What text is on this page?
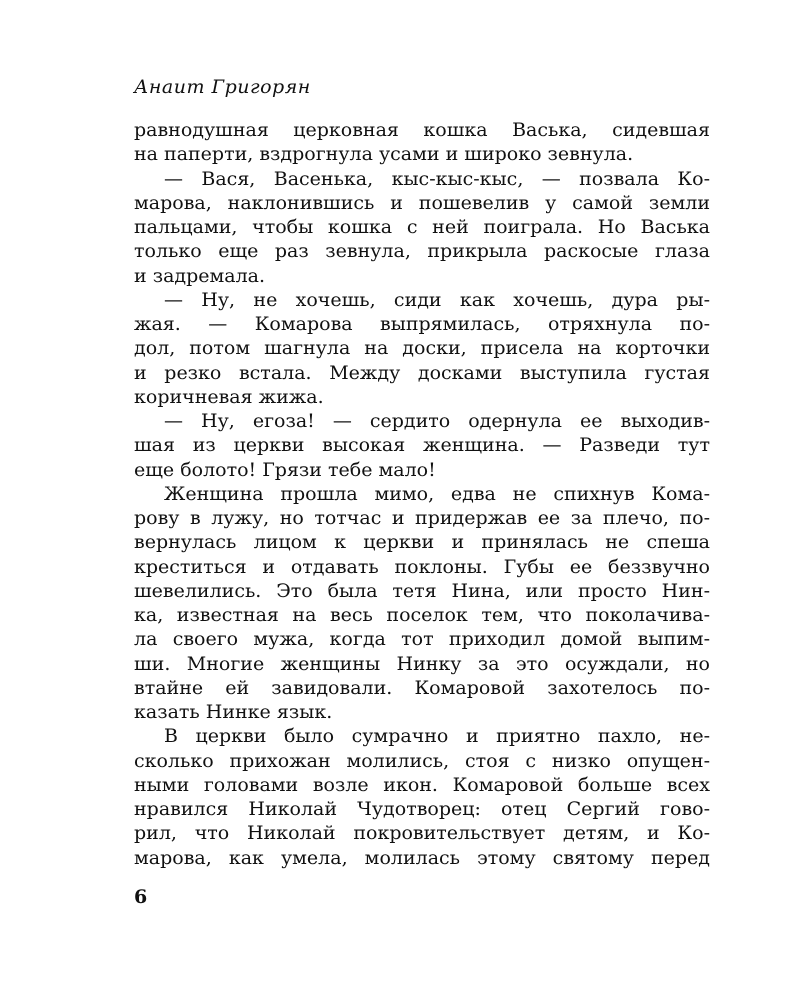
Анаит Григорян
равнодушная церковная кошка Васька, сидевшая
на паперти, вздрогнула усами и широко зевнула.
— Вася, Васенька, кыс-кыс-кыс, — позвала Ко-
марова, наклонившись и пошевелив у самой земли
пальцами, чтобы кошка с ней поиграла. Но Васька
только еще раз зевнула, прикрыла раскосые глаза
и задремала.
— Ну, не хочешь, сиди как хочешь, дура ры-
жая. — Комарова выпрямилась, отряхнула по-
дол, потом шагнула на доски, присела на корточки
и резко встала. Между досками выступила густая
коричневая жижа.
— Ну, егоза! — сердито одернула ее выходив-
шая из церкви высокая женщина. — Разведи тут
еще болото! Грязи тебе мало!
Женщина прошла мимо, едва не спихнув Кома-
рову в лужу, но тотчас и придержав ее за плечо, по-
вернулась лицом к церкви и принялась не спеша
креститься и отдавать поклоны. Губы ее беззвучно
шевелились. Это была тетя Нина, или просто Нин-
ка, известная на весь поселок тем, что поколачива-
ла своего мужа, когда тот приходил домой выпим-
ши. Многие женщины Нинку за это осуждали, но
втайне ей завидовали. Комаровой захотелось по-
казать Нинке язык.
В церкви было сумрачно и приятно пахло, не-
сколько прихожан молились, стоя с низко опущен-
ными головами возле икон. Комаровой больше всех
нравился Николай Чудотворец: отец Сергий гово-
рил, что Николай покровительствует детям, и Ко-
марова, как умела, молилась этому святому перед
6
